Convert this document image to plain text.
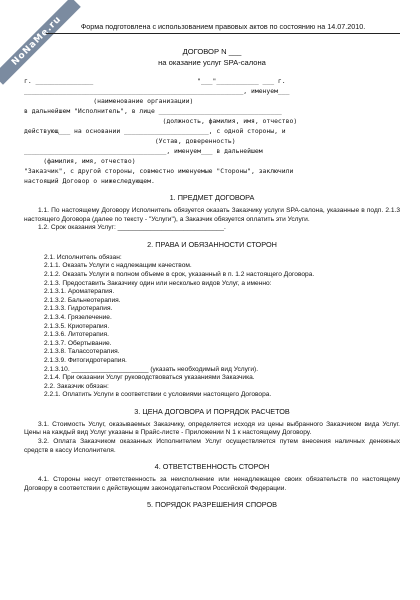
NoNaMe.ru	Форма подготовлена с использованием правовых актов по состоянию на 14.07.2010.
ДОГОВОР N ___
на оказание услуг SPA-салона
г. _______________                           "___"___________ ___ г.
_________________________________________________________, именуем___
(наименование организации)
в дальнейшем "Исполнитель", в лице ________________________________
(должность, фамилия, имя, отчество)
действующ___ на основании ______________________, с одной стороны, и
(Устав, доверенность)
_____________________________________, именуем___ в дальнейшем
(фамилия, имя, отчество)
"Заказчик", с другой стороны, совместно именуемые "Стороны", заключили
настоящий Договор о нижеследующем.
1. ПРЕДМЕТ ДОГОВОРА
1.1. По настоящему Договору Исполнитель обязуется оказать Заказчику услуги SPA-салона, указанные в подп. 2.1.3 настоящего Договора (далее по тексту - "Услуги"), а Заказчик обязуется оплатить эти Услуги.
1.2. Срок оказания Услуг: _____________________________.
2. ПРАВА И ОБЯЗАННОСТИ СТОРОН
2.1. Исполнитель обязан:
2.1.1. Оказать Услуги с надлежащим качеством.
2.1.2. Оказать Услуги в полном объеме в срок, указанный в п. 1.2 настоящего Договора.
2.1.3. Предоставить Заказчику один или несколько видов Услуг, а именно:
2.1.3.1. Ароматерапия.
2.1.3.2. Бальнеотерапия.
2.1.3.3. Гидротерапия.
2.1.3.4. Грязелечение.
2.1.3.5. Криотерапия.
2.1.3.6. Литотерапия.
2.1.3.7. Обертывание.
2.1.3.8. Талассотерапия.
2.1.3.9. Фитогидротерапия.
2.1.3.10. _____________________ (указать необходимый вид Услуги).
2.1.4. При оказании Услуг руководствоваться указаниями Заказчика.
2.2. Заказчик обязан:
2.2.1. Оплатить Услуги в соответствии с условиями настоящего Договора.
3. ЦЕНА ДОГОВОРА И ПОРЯДОК РАСЧЕТОВ
3.1. Стоимость Услуг, оказываемых Заказчику, определяется исходя из цены выбранного Заказчиком вида Услуг. Цены на каждый вид Услуг указаны в Прайс-листе - Приложении N 1 к настоящему Договору.
3.2. Оплата Заказчиком оказанных Исполнителем Услуг осуществляется путем внесения наличных денежных средств в кассу Исполнителя.
4. ОТВЕТСТВЕННОСТЬ СТОРОН
4.1. Стороны несут ответственность за неисполнение или ненадлежащее своих обязательств по настоящему Договору в соответствии с действующим законодательством Российской Федерации.
5. ПОРЯДОК РАЗРЕШЕНИЯ СПОРОВ
